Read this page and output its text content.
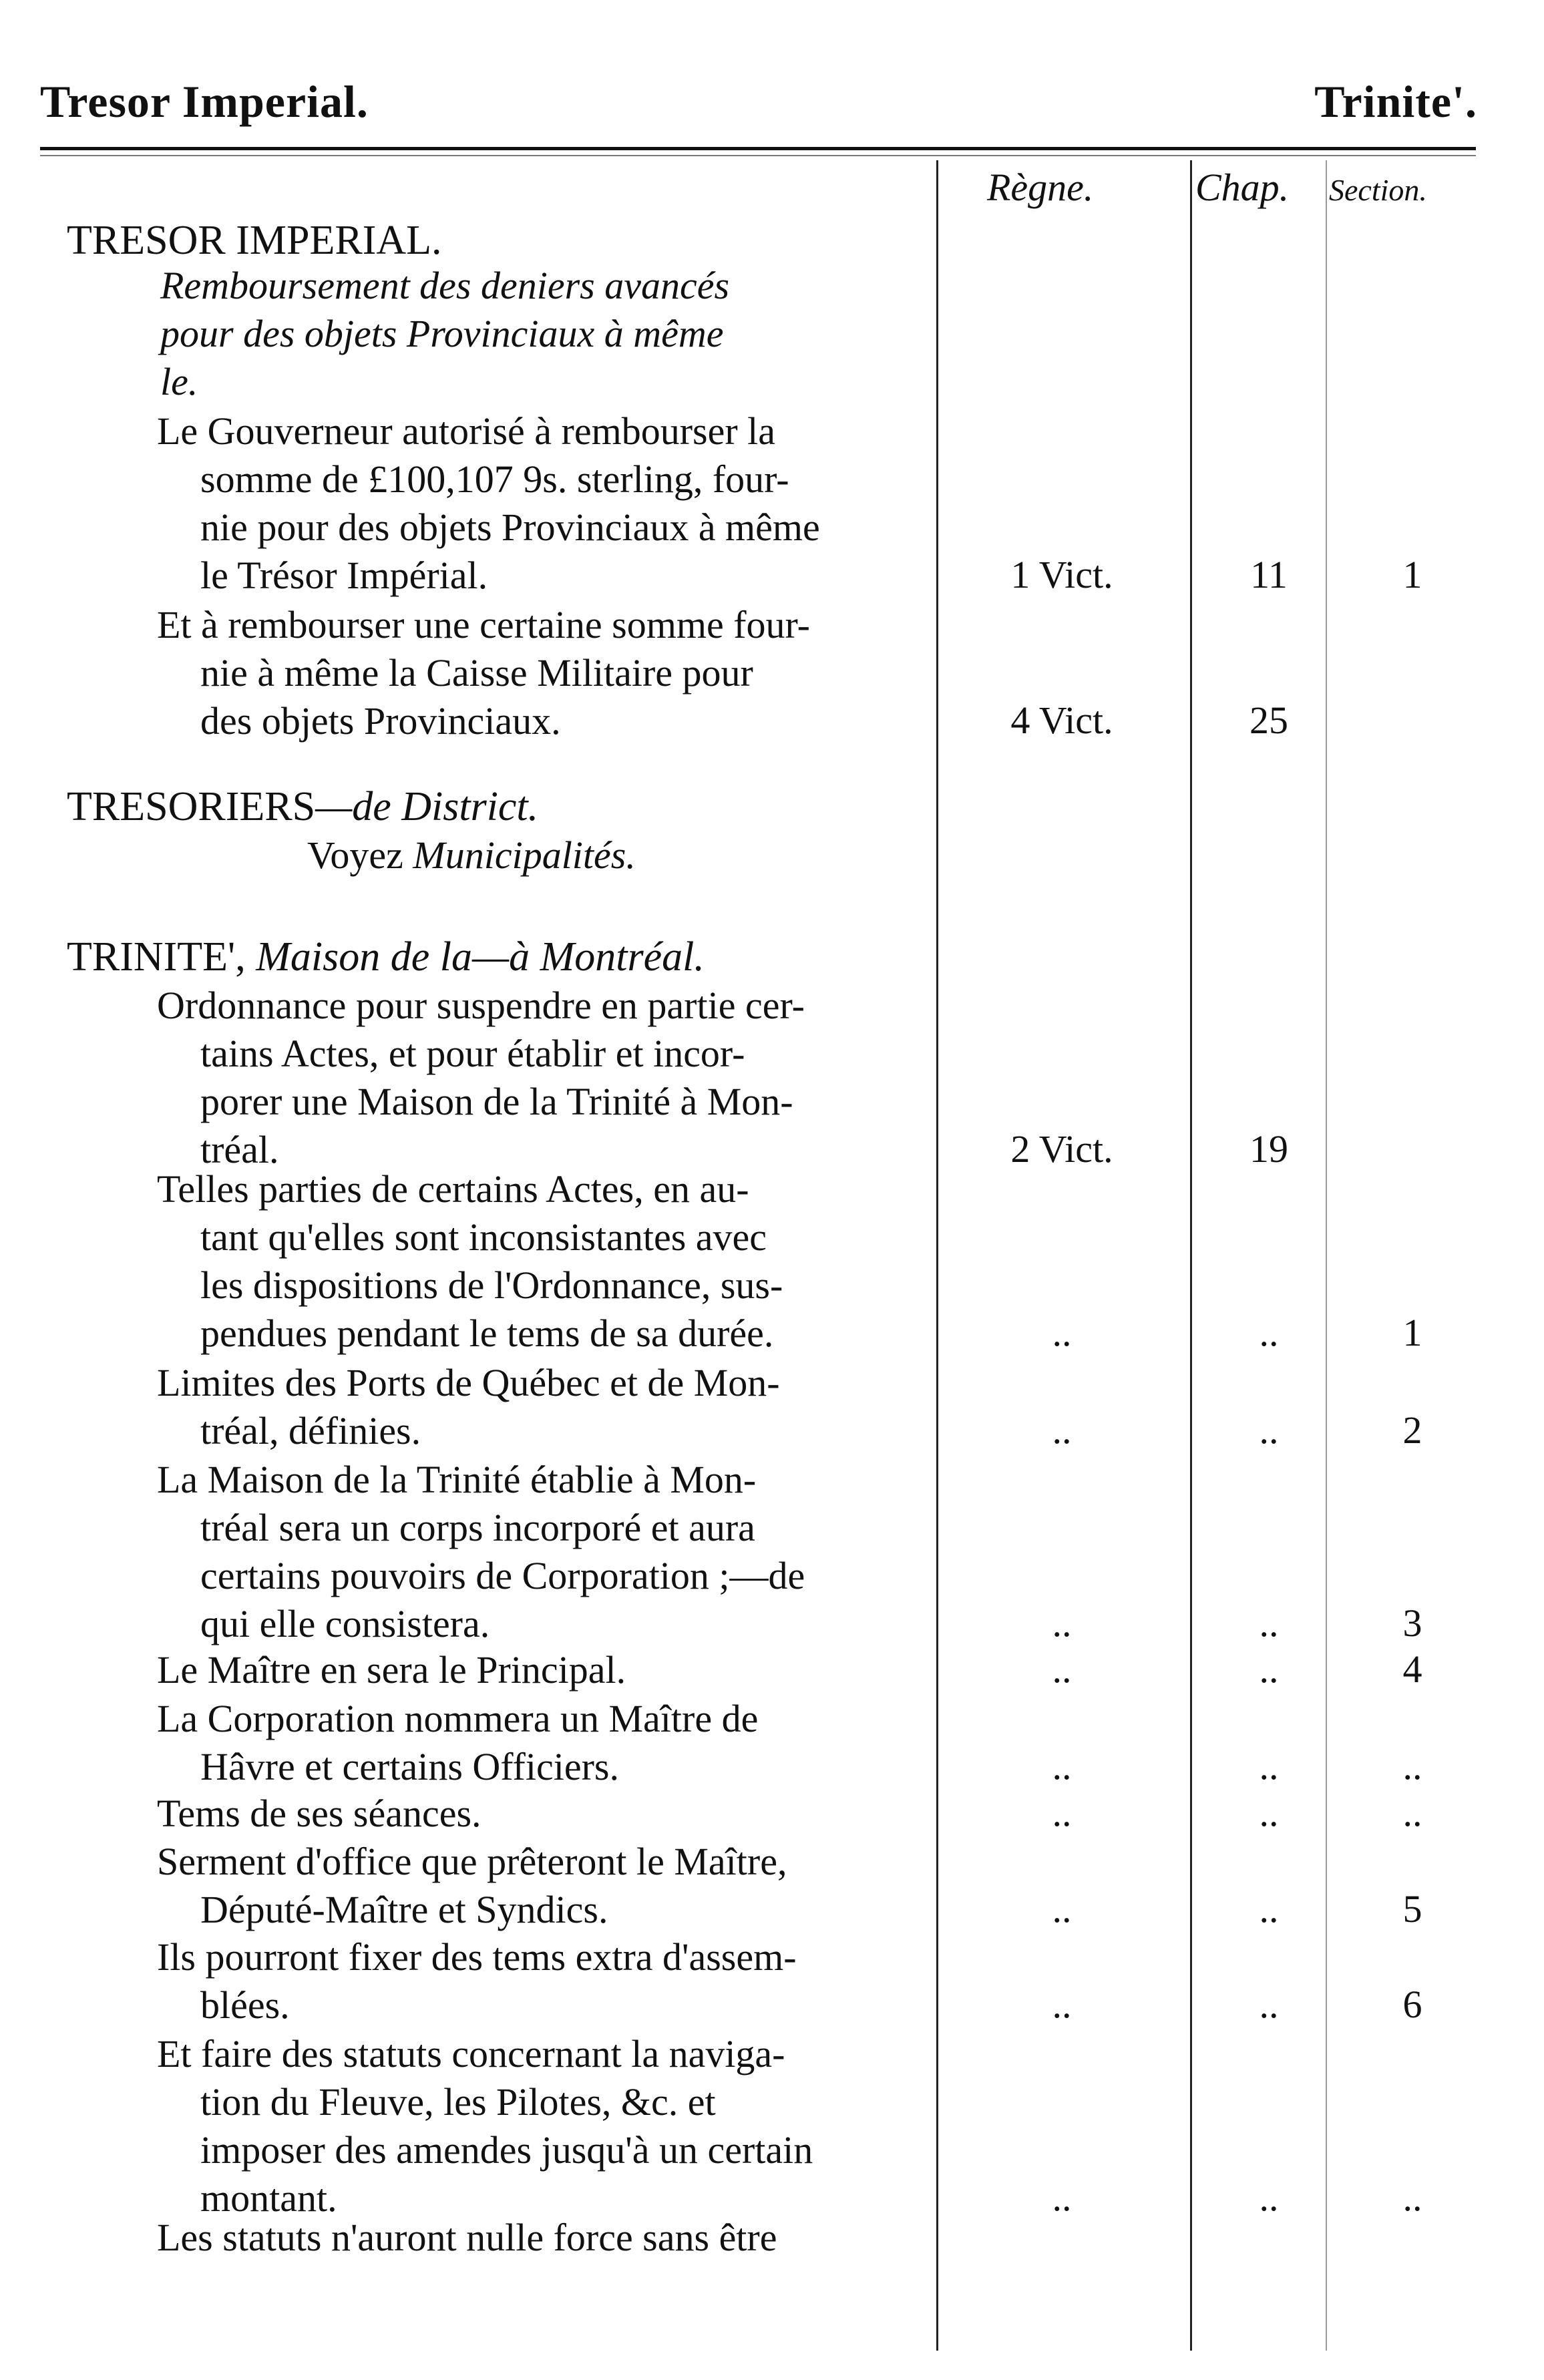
Tresor Imperial.	Trinite'.
Règne.	Chap. Section.
TRESOR IMPERIAL.
Remboursement des deniers avancés
pour des objets Provinciaux à même
le.
Le Gouverneur autorisé à rembourser la
somme de £100,107 9s. sterling, four-
nie pour des objets Provinciaux à même
le Trésor Impérial.	1 Vict.	11	1
Et à rembourser une certaine somme four-
nie à même la Caisse Militaire pour
des objets Provinciaux.	4 Vict.	25
TRESORIERS—de District.
Voyez Municipalités.
TRINITE', Maison de la—à Montréal.
Ordonnance pour suspendre en partie cer-
tains Actes, et pour établir et incor-
porer une Maison de la Trinité à Mon-
tréal.	2 Vict.	19
Telles parties de certains Actes, en au-
tant qu'elles sont inconsistantes avec
les dispositions de l'Ordonnance, sus-
pendues pendant le tems de sa durée.	..	..	1
Limites des Ports de Québec et de Mon-
tréal, définies.	..	..	2
La Maison de la Trinité établie à Mon-
tréal sera un corps incorporé et aura
certains pouvoirs de Corporation ;—de
qui elle consistera.	..	..	3
Le Maître en sera le Principal.	..	..	4
La Corporation nommera un Maître de
Hâvre et certains Officiers.	..	..	..
Tems de ses séances.	..	..	..
Serment d'office que prêteront le Maître,
Député-Maître et Syndics.	..	..	5
Ils pourront fixer des tems extra d'assem-
blées.	..	..	6
Et faire des statuts concernant la naviga-
tion du Fleuve, les Pilotes, &c. et
imposer des amendes jusqu'à un certain
montant.	..	..	..
Les statuts n'auront nulle force sans être
